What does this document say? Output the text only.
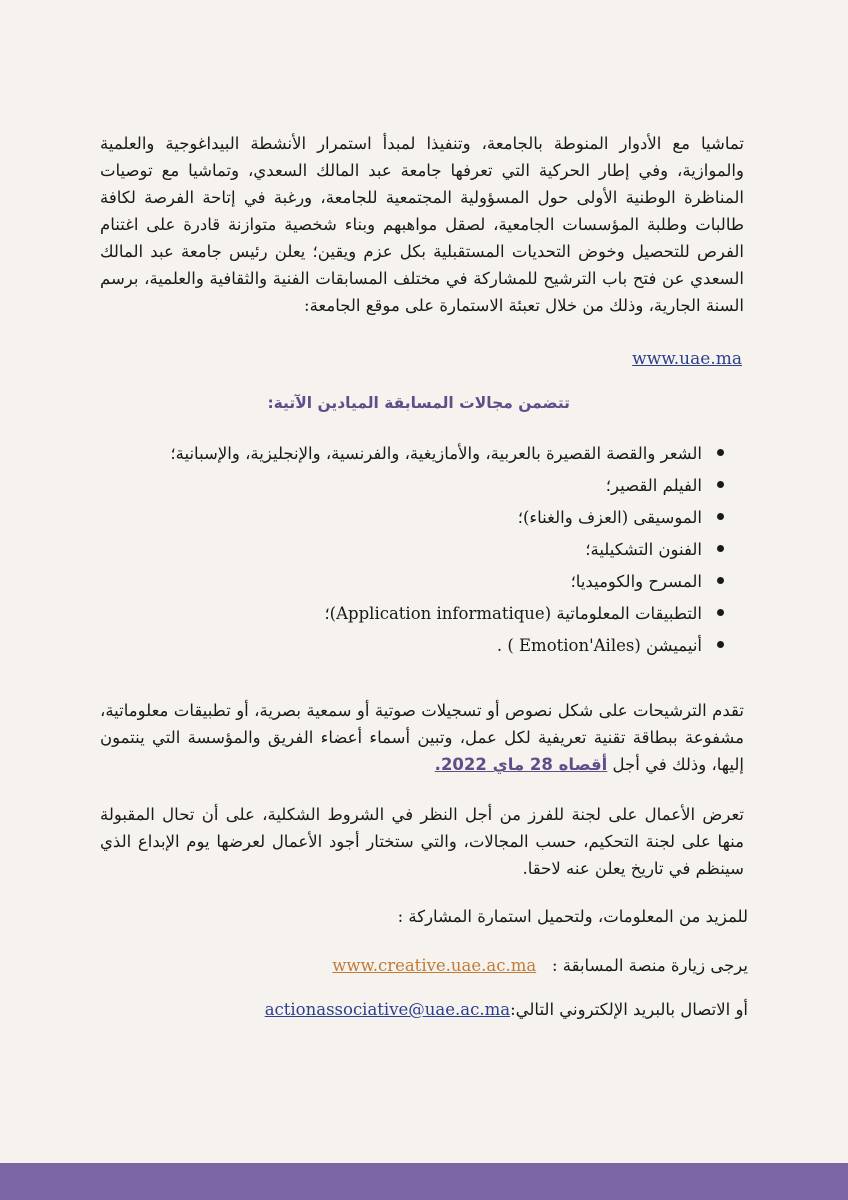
تماشيا مع الأدوار المنوطة بالجامعة، وتنفيذا لمبدأ استمرار الأنشطة البيداغوجية والعلمية والموازية، وفي إطار الحركية التي تعرفها جامعة عبد المالك السعدي، وتماشيا مع توصيات المناظرة الوطنية الأولى حول المسؤولية المجتمعية للجامعة، ورغبة في إتاحة الفرصة لكافة طالبات وطلبة المؤسسات الجامعية، لصقل مواهبهم وبناء شخصية متوازنة قادرة على اغتنام الفرص للتحصيل وخوض التحديات المستقبلية بكل عزم ويقين؛ يعلن رئيس جامعة عبد المالك السعدي عن فتح باب الترشيح للمشاركة في مختلف المسابقات الفنية والثقافية والعلمية، برسم السنة الجارية، وذلك من خلال تعبئة الاستمارة على موقع الجامعة:

www.uae.ma
تتضمن مجالات المسابقة الميادين الآتية:
الشعر والقصة القصيرة بالعربية، والأمازيغية، والفرنسية، والإنجليزية، والإسبانية؛
الفيلم القصير؛
الموسيقى (العزف والغناء)؛
الفنون التشكيلية؛
المسرح والكوميديا؛
التطبيقات المعلوماتية (Application informatique)؛
أنيميشن (Emotion'Ailes ) .

تقدم الترشيحات على شكل نصوص أو تسجيلات صوتية أو سمعية بصرية، أو تطبيقات معلوماتية، مشفوعة ببطاقة تقنية تعريفية لكل عمل، وتبين أسماء أعضاء الفريق والمؤسسة التي ينتمون إليها، وذلك في أجل أقصاه 28 ماي 2022.

تعرض الأعمال على لجنة للفرز من أجل النظر في الشروط الشكلية، على أن تحال المقبولة منها على لجنة التحكيم، حسب المجالات، والتي ستختار أجود الأعمال لعرضها يوم الإبداع الذي سينظم في تاريخ يعلن عنه لاحقا.

للمزيد من المعلومات، ولتحميل استمارة المشاركة :
يرجى زيارة منصة المسابقة :   www.creative.uae.ac.ma
أو الاتصال بالبريد الإلكتروني التالي:actionassociative@uae.ac.ma
